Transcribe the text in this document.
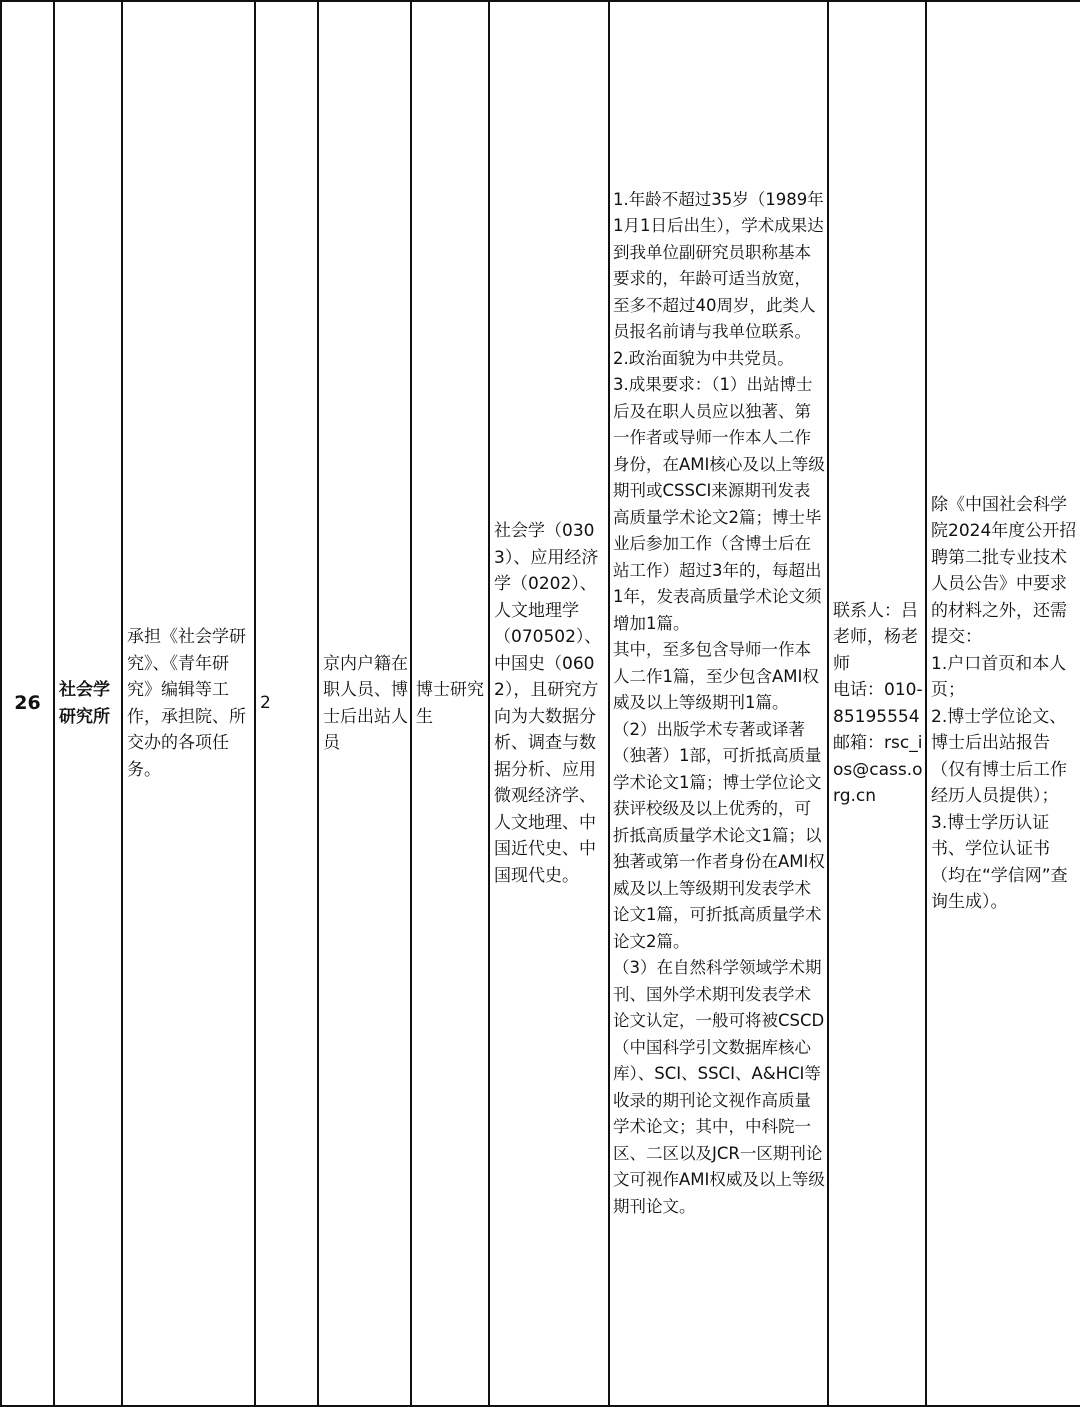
26	社会学研究所	承担《社会学研究》、《青年研究》编辑等工作，承担院、所交办的各项任务。	2	京内户籍在职人员、博士后出站人员	博士研究生	社会学（0303）、应用经济学（0202）、人文地理学（070502）、中国史（0602），且研究方向为大数据分析、调查与数据分析、应用微观经济学、人文地理、中国近代史、中国现代史。	1.年龄不超过35岁（1989年1月1日后出生），学术成果达到我单位副研究员职称基本要求的，年龄可适当放宽，至多不超过40周岁，此类人员报名前请与我单位联系。
2.政治面貌为中共党员。
3.成果要求：（1）出站博士后及在职人员应以独著、第一作者或导师一作本人二作身份，在AMI核心及以上等级期刊或CSSCI来源期刊发表高质量学术论文2篇；博士毕业后参加工作（含博士后在站工作）超过3年的，每超出1年，发表高质量学术论文须增加1篇。
其中，至多包含导师一作本人二作1篇，至少包含AMI权威及以上等级期刊1篇。
（2）出版学术专著或译著（独著）1部，可折抵高质量学术论文1篇；博士学位论文获评校级及以上优秀的，可折抵高质量学术论文1篇；以独著或第一作者身份在AMI权威及以上等级期刊发表学术论文1篇，可折抵高质量学术论文2篇。
（3）在自然科学领域学术期刊、国外学术期刊发表学术论文认定，一般可将被CSCD（中国科学引文数据库核心库）、SCI、SSCI、A&HCI等收录的期刊论文视作高质量学术论文；其中，中科院一区、二区以及JCR一区期刊论文可视作AMI权威及以上等级期刊论文。	联系人：吕老师，杨老师
电话：010-85195554
邮箱：rsc_ios@cass.org.cn	除《中国社会科学院2024年度公开招聘第二批专业技术人员公告》中要求的材料之外，还需提交：
1.户口首页和本人页；
2.博士学位论文、博士后出站报告（仅有博士后工作经历人员提供）；
3.博士学历认证书、学位认证书（均在“学信网”查询生成）。
